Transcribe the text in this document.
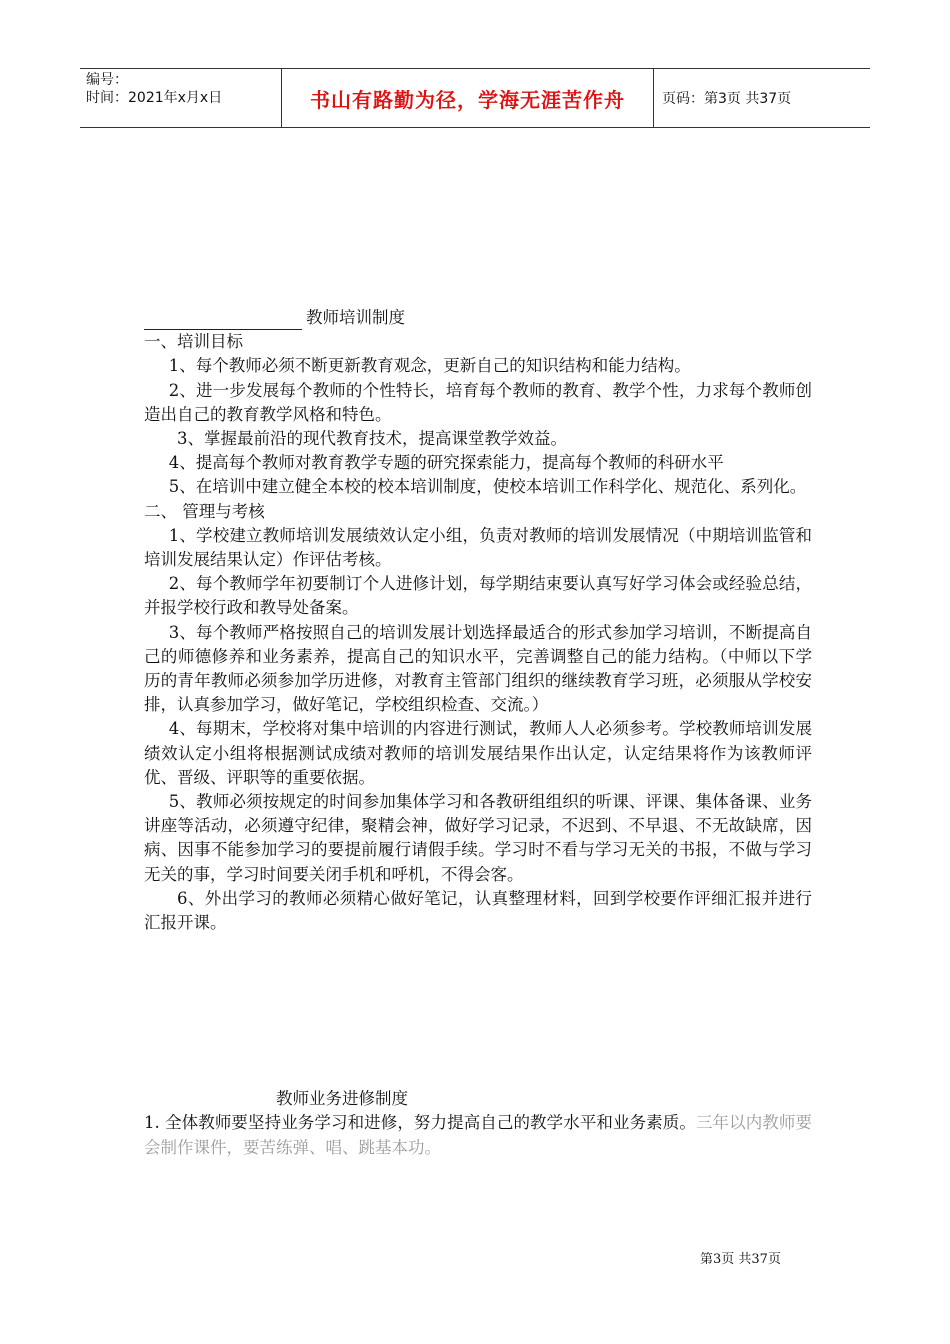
编号：
时间：2021年x月x日	书山有路勤为径，学海无涯苦作舟	页码：第3页 共37页
教师培训制度

一、培训目标

1、每个教师必须不断更新教育观念，更新自己的知识结构和能力结构。

2、进一步发展每个教师的个性特长，培育每个教师的教育、教学个性，力求每个教师创造出自己的教育教学风格和特色。

3、掌握最前沿的现代教育技术，提高课堂教学效益。

4、提高每个教师对教育教学专题的研究探索能力，提高每个教师的科研水平

5、在培训中建立健全本校的校本培训制度，使校本培训工作科学化、规范化、系列化。

二、 管理与考核

1、学校建立教师培训发展绩效认定小组，负责对教师的培训发展情况（中期培训监管和培训发展结果认定）作评估考核。

2、每个教师学年初要制订个人进修计划，每学期结束要认真写好学习体会或经验总结，并报学校行政和教导处备案。

3、每个教师严格按照自己的培训发展计划选择最适合的形式参加学习培训，不断提高自己的师德修养和业务素养，提高自己的知识水平，完善调整自己的能力结构。（中师以下学历的青年教师必须参加学历进修，对教育主管部门组织的继续教育学习班，必须服从学校安排，认真参加学习，做好笔记，学校组织检查、交流。）

4、每期末，学校将对集中培训的内容进行测试，教师人人必须参考。学校教师培训发展绩效认定小组将根据测试成绩对教师的培训发展结果作出认定，认定结果将作为该教师评优、晋级、评职等的重要依据。

5、教师必须按规定的时间参加集体学习和各教研组组织的听课、评课、集体备课、业务讲座等活动，必须遵守纪律，聚精会神，做好学习记录，不迟到、不早退、不无故缺席，因病、因事不能参加学习的要提前履行请假手续。学习时不看与学习无关的书报，不做与学习无关的事，学习时间要关闭手机和呼机，不得会客。

6、外出学习的教师必须精心做好笔记，认真整理材料，回到学校要作评细汇报并进行汇报开课。

教师业务进修制度

1. 全体教师要坚持业务学习和进修，努力提高自己的教学水平和业务素质。三年以内教师要会制作课件，要苦练弹、唱、跳基本功。

第3页 共37页
